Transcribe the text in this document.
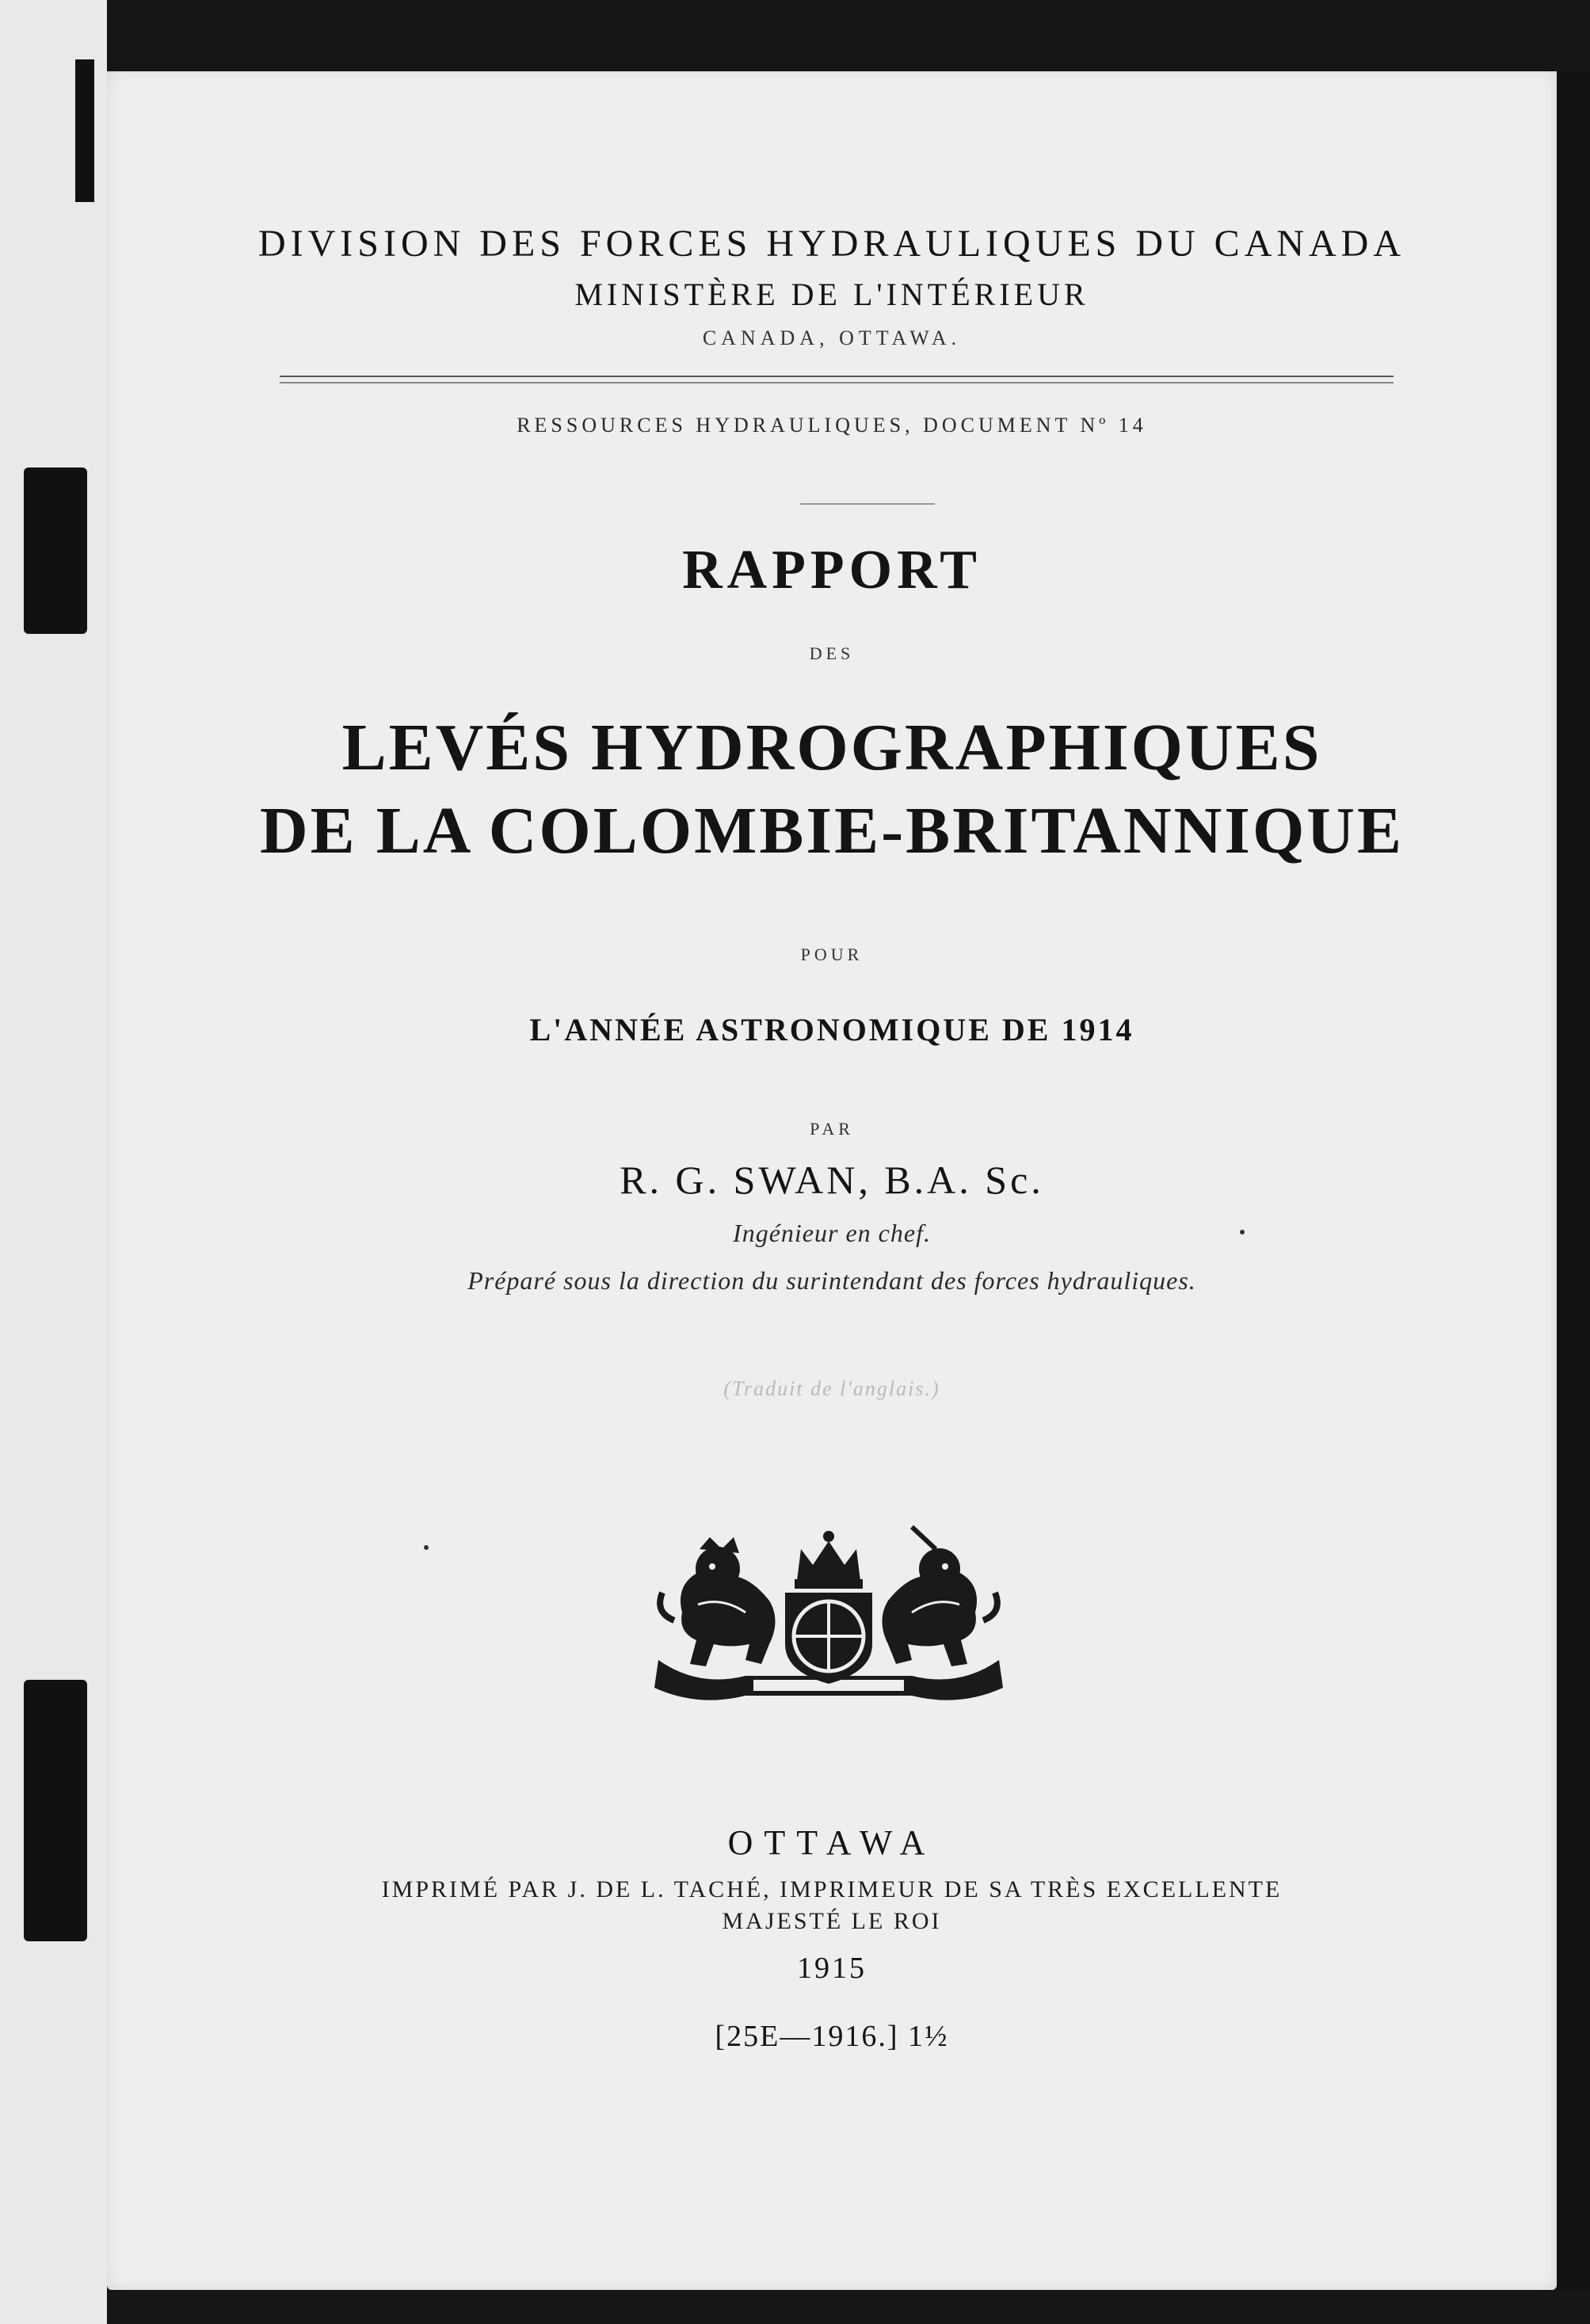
DIVISION DES FORCES HYDRAULIQUES DU CANADA
MINISTÈRE DE L'INTÉRIEUR
CANADA, OTTAWA.
RESSOURCES HYDRAULIQUES, DOCUMENT Nº 14
RAPPORT
DES
LEVÉS HYDROGRAPHIQUES
DE LA COLOMBIE-BRITANNIQUE
POUR
L'ANNÉE ASTRONOMIQUE DE 1914
PAR
R. G. SWAN, B.A. Sc.
Ingénieur en chef.
Préparé sous la direction du surintendant des forces hydrauliques.
(Traduit de l'anglais.)
OTTAWA
IMPRIMÉ PAR J. DE L. TACHÉ, IMPRIMEUR DE SA TRÈS EXCELLENTE
MAJESTÉ LE ROI
1915
[25E—1916.] 1½
